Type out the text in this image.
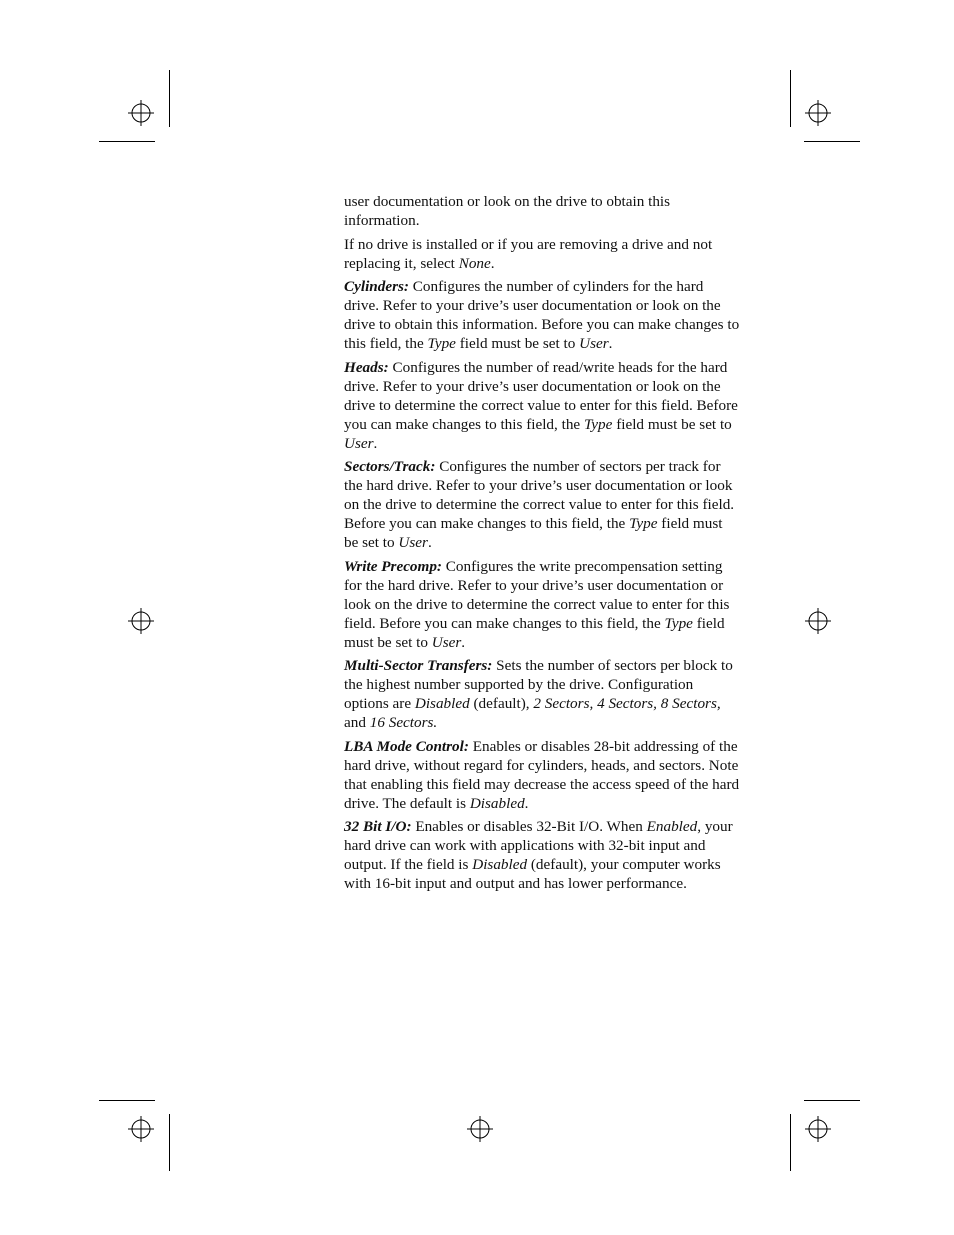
user documentation or look on the drive to obtain this information.

If no drive is installed or if you are removing a drive and not replacing it, select None.

Cylinders: Configures the number of cylinders for the hard drive. Refer to your drive’s user documentation or look on the drive to obtain this information. Before you can make changes to this field, the Type field must be set to User.

Heads: Configures the number of read/write heads for the hard drive. Refer to your drive’s user documentation or look on the drive to determine the correct value to enter for this field. Before you can make changes to this field, the Type field must be set to User.

Sectors/Track: Configures the number of sectors per track for the hard drive. Refer to your drive’s user documentation or look on the drive to determine the correct value to enter for this field. Before you can make changes to this field, the Type field must be set to User.

Write Precomp: Configures the write precompensation setting for the hard drive. Refer to your drive’s user documentation or look on the drive to determine the correct value to enter for this field. Before you can make changes to this field, the Type field must be set to User.

Multi-Sector Transfers: Sets the number of sectors per block to the highest number supported by the drive. Configuration options are Disabled (default), 2 Sectors, 4 Sectors, 8 Sectors, and 16 Sectors.

LBA Mode Control: Enables or disables 28-bit addressing of the hard drive, without regard for cylinders, heads, and sectors. Note that enabling this field may decrease the access speed of the hard drive. The default is Disabled.

32 Bit I/O: Enables or disables 32-Bit I/O. When Enabled, your hard drive can work with applications with 32-bit input and output. If the field is Disabled (default), your computer works with 16-bit input and output and has lower performance.
